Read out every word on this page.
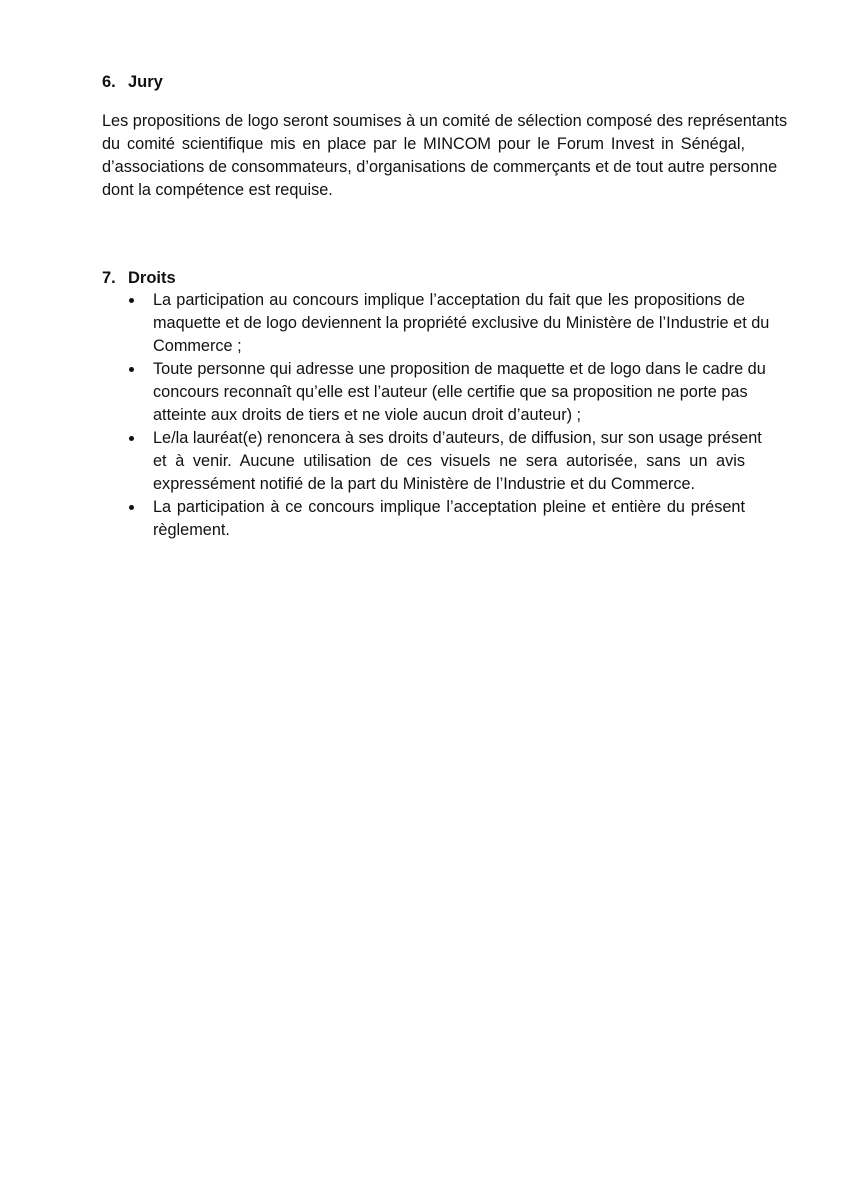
6. Jury
Les propositions de logo seront soumises à un comité de sélection composé des représentants
du comité scientifique mis en place par le MINCOM pour le Forum Invest in Sénégal,
d’associations de consommateurs, d’organisations de commerçants et de tout autre personne
dont la compétence est requise.
7. Droits
La participation au concours implique l’acceptation du fait que les propositions de
maquette et de logo deviennent la propriété exclusive du Ministère de l’Industrie et du
Commerce ;
Toute personne qui adresse une proposition de maquette et de logo dans le cadre du
concours reconnaît qu’elle est l’auteur (elle certifie que sa proposition ne porte pas
atteinte aux droits de tiers et ne viole aucun droit d’auteur) ;
Le/la lauréat(e) renoncera à ses droits d’auteurs, de diffusion, sur son usage présent
et à venir. Aucune utilisation de ces visuels ne sera autorisée, sans un avis
expressément notifié de la part du Ministère de l’Industrie et du Commerce.
La participation à ce concours implique l’acceptation pleine et entière du présent
règlement.
